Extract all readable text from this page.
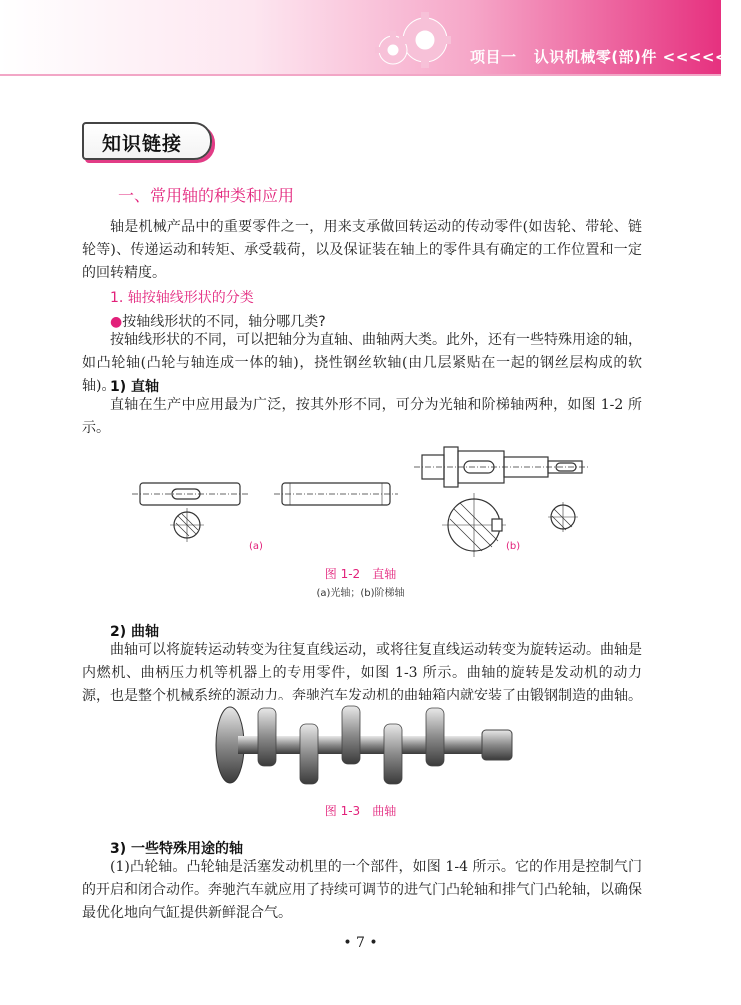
项目一 认识机械零(部)件 <<<<<<
知识链接
一、常用轴的种类和应用

轴是机械产品中的重要零件之一，用来支承做回转运动的传动零件(如齿轮、带轮、链轮等)、传递运动和转矩、承受载荷，以及保证装在轴上的零件具有确定的工作位置和一定的回转精度。

1. 轴按轴线形状的分类
●按轴线形状的不同，轴分哪几类?

按轴线形状的不同，可以把轴分为直轴、曲轴两大类。此外，还有一些特殊用途的轴，如凸轮轴(凸轮与轴连成一体的轴)，挠性钢丝软轴(由几层紧贴在一起的钢丝层构成的软轴)。

1) 直轴

直轴在生产中应用最为广泛，按其外形不同，可分为光轴和阶梯轴两种，如图 1-2 所示。

(a)	(b)
图 1-2　直轴
(a)光轴；(b)阶梯轴
2) 曲轴

曲轴可以将旋转运动转变为往复直线运动，或将往复直线运动转变为旋转运动。曲轴是内燃机、曲柄压力机等机器上的专用零件，如图 1-3 所示。曲轴的旋转是发动机的动力源，也是整个机械系统的源动力。奔驰汽车发动机的曲轴箱内就安装了由锻钢制造的曲轴。

图 1-3　曲轴
3) 一些特殊用途的轴

(1)凸轮轴。凸轮轴是活塞发动机里的一个部件，如图 1-4 所示。它的作用是控制气门的开启和闭合动作。奔驰汽车就应用了持续可调节的进气门凸轮轴和排气门凸轮轴，以确保最优化地向气缸提供新鲜混合气。

• 7 •
